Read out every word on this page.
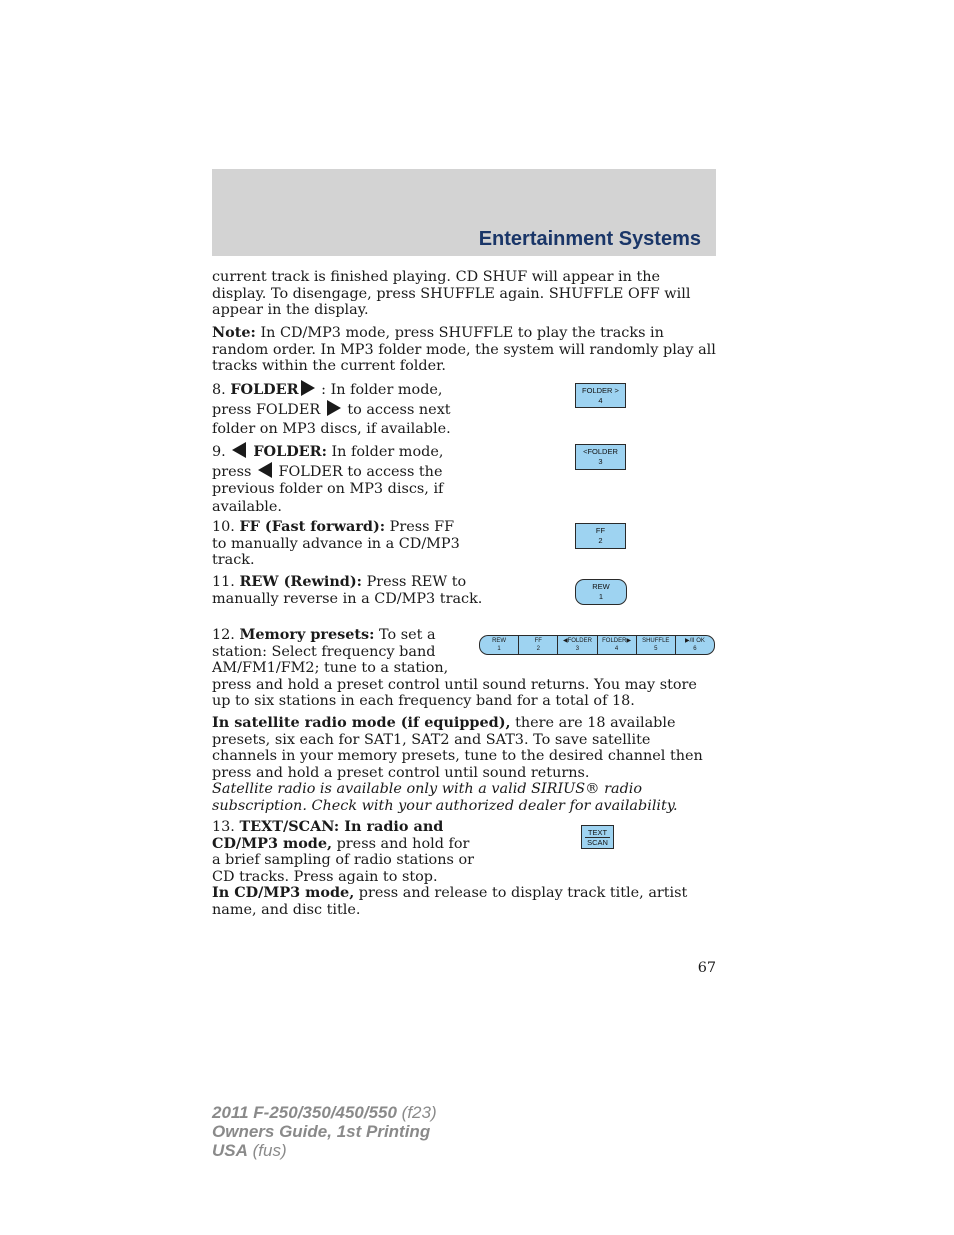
Entertainment Systems

current track is finished playing. CD SHUF will appear in the display. To disengage, press SHUFFLE again. SHUFFLE OFF will appear in the display.

Note: In CD/MP3 mode, press SHUFFLE to play the tracks in random order. In MP3 folder mode, the system will randomly play all tracks within the current folder.

8. FOLDER : In folder mode,
press FOLDER  to access next
folder on MP3 discs, if available.
FOLDER >
4
9.  FOLDER: In folder mode,
press  FOLDER to access the
previous folder on MP3 discs, if
available.
<FOLDER
3
10. FF (Fast forward): Press FF
to manually advance in a CD/MP3
track.
FF
2
11. REW (Rewind): Press REW to
manually reverse in a CD/MP3 track.
REW
1
12. Memory presets: To set a
station: Select frequency band
AM/FM1/FM2; tune to a station,
press and hold a preset control until sound returns. You may store up to six stations in each frequency band for a total of 18.
REW
1
FF
2
◀FOLDER
3
FOLDER▶
4
SHUFFLE
5
▶/II OK
6
In satellite radio mode (if equipped), there are 18 available presets, six each for SAT1, SAT2 and SAT3. To save satellite channels in your memory presets, tune to the desired channel then press and hold a preset control until sound returns.
Satellite radio is available only with a valid SIRIUS® radio subscription. Check with your authorized dealer for availability.
13. TEXT/SCAN: In radio and
CD/MP3 mode, press and hold for
a brief sampling of radio stations or
CD tracks. Press again to stop.
In CD/MP3 mode, press and release to display track title, artist name, and disc title.
TEXT
SCAN
67
2011 F-250/350/450/550 (f23)
Owners Guide, 1st Printing
USA (fus)
